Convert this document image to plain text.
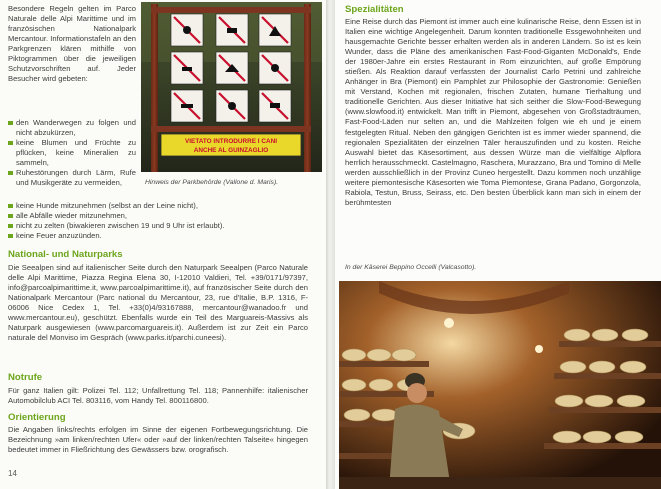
Besondere Regeln gelten im Parco Naturale delle Alpi Marittime und im französischen Nationalpark Mercantour. Informationstafeln an den Parkgrenzen klären mithilfe von Piktogrammen über die jeweiligen Schutzvorschriften auf. Jeder Besucher wird gebeten:

den Wanderwegen zu folgen und nicht abzukürzen,
keine Blumen und Früchte zu pflücken, keine Mineralien zu sammeln,
Ruhestörungen durch Lärm, Rufe und Musikgeräte zu vermeiden,
keine Hunde mitzunehmen (selbst an der Leine nicht),
alle Abfälle wieder mitzunehmen,
nicht zu zelten (biwakieren zwischen 19 und 9 Uhr ist erlaubt).
keine Feuer anzuzünden.
VIETATO INTRODURRE I CANI
ANCHE AL GUINZAGLIO

Hinweis der Parkbehörde (Vallone d. Maris).

National- und Naturparks

Die Seealpen sind auf italienischer Seite durch den Naturpark Seealpen (Parco Naturale delle Alpi Marittime, Piazza Regina Elena 30, I-12010 Valdieri, Tel. +39/0171/97397, info@parcoalpimarittime.it, www.parcoalpimarittime.it), auf französischer Seite durch den Nationalpark Mercantour (Parc national du Mercantour, 23, rue d'Italie, B.P. 1316, F-06006 Nice Cedex 1, Tel. +33(0)4/93167888, mercantour@wanadoo.fr und www.mercantour.eu), geschützt. Ebenfalls wurde ein Teil des Marguareis-Massivs als Naturpark ausgewiesen (www.parcomarguareis.it). Außerdem ist zur Zeit ein Parco naturale del Monviso im Gespräch (www.parks.it/parchi.cuneesi).

Notrufe

Für ganz Italien gilt: Polizei Tel. 112; Unfallrettung Tel. 118; Pannenhilfe: italienischer Automobilclub ACI Tel. 803116, vom Handy Tel. 800116800.

Orientierung

Die Angaben links/rechts erfolgen im Sinne der eigenen Fortbewegungsrichtung. Die Bezeichnung »am linken/rechten Ufer« oder »auf der linken/rechten Talseite« hingegen bedeutet immer in Fließrichtung des Gewässers bzw. orografisch.

14
Spezialitäten

Eine Reise durch das Piemont ist immer auch eine kulinarische Reise, denn Essen ist in Italien eine wichtige Angelegenheit. Darum konnten traditionelle Essgewohnheiten und hausgemachte Gerichte besser erhalten werden als in anderen Ländern. So ist es kein Wunder, dass die Pläne des amerikanischen Fast-Food-Giganten McDonald's, Ende der 1980er-Jahre ein erstes Restaurant in Rom einzurichten, auf große Empörung stießen. Als Reaktion darauf verfassten der Journalist Carlo Petrini und zahlreiche Anhänger in Bra (Piemont) ein Pamphlet zur Philosophie der Gastronomie: Genießen mit Verstand, Kochen mit regionalen, frischen Zutaten, humane Tierhaltung und traditionelle Gerichten. Aus dieser Initiative hat sich seither die Slow-Food-Bewegung (www.slowfood.it) entwickelt. Man trifft in Piemont, abgesehen von Großstadträumen, Fast-Food-Läden nur selten an, und die Mahlzeiten folgen wie eh und je einem festgelegten Ritual. Neben den gängigen Gerichten ist es immer wieder spannend, die regionalen Spezialitäten der einzelnen Täler herauszufinden und zu kosten. Reiche Auswahl bietet das Käsesortiment, aus dessen Würze man die vielfältige Alpflora herrlich herausschmeckt. Castelmagno, Raschera, Murazzano, Bra und Tomino di Melle werden ausschließlich in der Provinz Cuneo hergestellt. Dazu kommen noch unzählige weitere piemontesische Käsesorten wie Toma Piemontese, Grana Padano, Gorgonzola, Rabiola, Testun, Bruss, Seirass, etc. Den besten Überblick kann man sich in einem der berühmtesten

In der Käserei Beppino Occelli (Valcasotto).
